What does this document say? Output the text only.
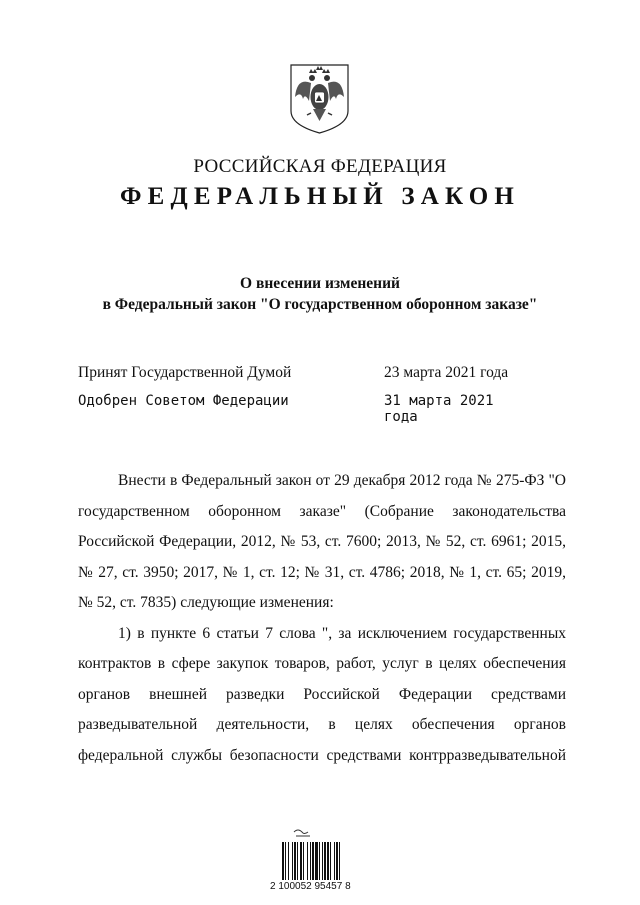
РОССИЙСКАЯ ФЕДЕРАЦИЯ
ФЕДЕРАЛЬНЫЙ ЗАКОН
О внесении изменений
в Федеральный закон "О государственном оборонном заказе"
Принят Государственной Думой	23 марта 2021 года
Одобрен Советом Федерации	31 марта 2021 года

Внести в Федеральный закон от 29 декабря 2012 года № 275-ФЗ "О государственном оборонном заказе" (Собрание законодательства Российской Федерации, 2012, № 53, ст. 7600; 2013, № 52, ст. 6961; 2015, № 27, ст. 3950; 2017, № 1, ст. 12; № 31, ст. 4786; 2018, № 1, ст. 65; 2019, № 52, ст. 7835) следующие изменения:

1) в пункте 6 статьи 7 слова ", за исключением государственных контрактов в сфере закупок товаров, работ, услуг в целях обеспечения органов внешней разведки Российской Федерации средствами разведывательной деятельности, в целях обеспечения органов федеральной службы безопасности средствами контрразведывательной

2 100052 95457 8
